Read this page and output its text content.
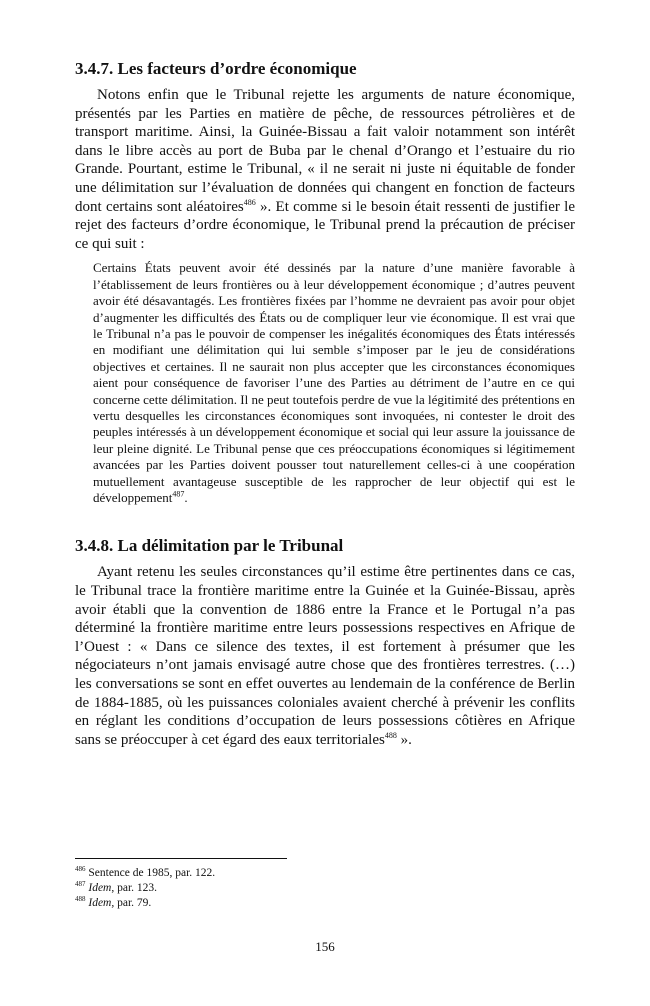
3.4.7. Les facteurs d’ordre économique

Notons enfin que le Tribunal rejette les arguments de nature économique, présentés par les Parties en matière de pêche, de ressources pétrolières et de transport maritime. Ainsi, la Guinée-Bissau a fait valoir notamment son intérêt dans le libre accès au port de Buba par le chenal d’Orango et l’estuaire du rio Grande. Pourtant, estime le Tribunal, « il ne serait ni juste ni équitable de fonder une délimitation sur l’évaluation de données qui changent en fonction de facteurs dont certains sont aléatoires$^{486}$ ». Et comme si le besoin était ressenti de justifier le rejet des facteurs d’ordre économique, le Tribunal prend la précaution de préciser ce qui suit :

Certains États peuvent avoir été dessinés par la nature d’une manière favorable à l’établissement de leurs frontières ou à leur développement économique ; d’autres peuvent avoir été désavantagés. Les frontières fixées par l’homme ne devraient pas avoir pour objet d’augmenter les difficultés des États ou de compliquer leur vie économique. Il est vrai que le Tribunal n’a pas le pouvoir de compenser les inégalités économiques des États intéressés en modifiant une délimitation qui lui semble s’imposer par le jeu de considérations objectives et certaines. Il ne saurait non plus accepter que les circonstances économiques aient pour conséquence de favoriser l’une des Parties au détriment de l’autre en ce qui concerne cette délimitation. Il ne peut toutefois perdre de vue la légitimité des prétentions en vertu desquelles les circonstances économiques sont invoquées, ni contester le droit des peuples intéressés à un développement économique et social qui leur assure la jouissance de leur pleine dignité. Le Tribunal pense que ces préoccupations économiques si légitimement avancées par les Parties doivent pousser tout naturellement celles-ci à une coopération mutuellement avantageuse susceptible de les rapprocher de leur objectif qui est le développement$^{487}$.
3.4.8. La délimitation par le Tribunal

Ayant retenu les seules circonstances qu’il estime être pertinentes dans ce cas, le Tribunal trace la frontière maritime entre la Guinée et la Guinée-Bissau, après avoir établi que la convention de 1886 entre la France et le Portugal n’a pas déterminé la frontière maritime entre leurs possessions respectives en Afrique de l’Ouest : « Dans ce silence des textes, il est fortement à présumer que les négociateurs n’ont jamais envisagé autre chose que des frontières terrestres. (…) les conversations se sont en effet ouvertes au lendemain de la conférence de Berlin de 1884-1885, où les puissances coloniales avaient cherché à prévenir les conflits en réglant les conditions d’occupation de leurs possessions côtières en Afrique sans se préoccuper à cet égard des eaux territoriales$^{488}$ ».

$^{486}$ Sentence de 1985, par. 122.
$^{487}$ Idem, par. 123.
$^{488}$ Idem, par. 79.
156
